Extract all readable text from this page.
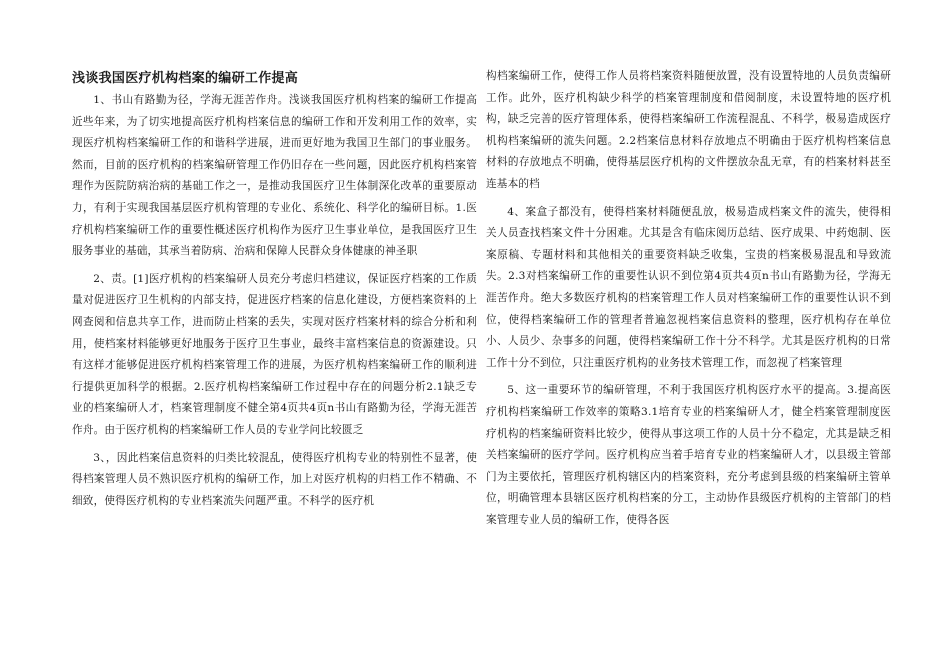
浅谈我国医疗机构档案的编研工作提高

1、书山有路勤为径，学海无涯苦作舟。浅谈我国医疗机构档案的编研工作提高近些年来，为了切实地提高医疗机构档案信息的编研工作和开发利用工作的效率，实现医疗机构档案编研工作的和谐科学进展，进而更好地为我国卫生部门的事业服务。然而，目前的医疗机构的档案编研管理工作仍旧存在一些问题，因此医疗机构档案管理作为医院防病治病的基础工作之一，是推动我国医疗卫生体制深化改革的重要原动力，有利于实现我国基层医疗机构管理的专业化、系统化、科学化的编研目标。1.医疗机构档案编研工作的重要性概述医疗机构作为医疗卫生事业单位，是我国医疗卫生服务事业的基础，其承当着防病、治病和保障人民群众身体健康的神圣职

2、责。[1]医疗机构的档案编研人员充分考虑归档建议，保证医疗档案的工作质量对促进医疗卫生机构的内部支持，促进医疗档案的信息化建设，方便档案资料的上网查阅和信息共享工作，进而防止档案的丢失，实现对医疗档案材料的综合分析和利用，使档案材料能够更好地服务于医疗卫生事业，最终丰富档案信息的资源建设。只有这样才能够促进医疗机构档案管理工作的进展，为医疗机构档案编研工作的顺利进行提供更加科学的根据。2.医疗机构档案编研工作过程中存在的问题分析2.1缺乏专业的档案编研人才，档案管理制度不健全第4页共4页n书山有路勤为径，学海无涯苦作舟。由于医疗机构的档案编研工作人员的专业学问比较匮乏

3、，因此档案信息资料的归类比较混乱，使得医疗机构专业的特别性不显著，使得档案管理人员不熟识医疗机构的编研工作，加上对医疗机构的归档工作不精确、不细致，使得医疗机构的专业档案流失问题严重。不科学的医疗机

构档案编研工作，使得工作人员将档案资料随便放置，没有设置特地的人员负责编研工作。此外，医疗机构缺少科学的档案管理制度和借阅制度，未设置特地的医疗机构，缺乏完善的医疗管理体系，使得档案编研工作流程混乱、不科学，极易造成医疗机构档案编研的流失问题。2.2档案信息材料存放地点不明确由于医疗机构档案信息材料的存放地点不明确，使得基层医疗机构的文件摆放杂乱无章，有的档案材料甚至连基本的档

4、案盒子都没有，使得档案材料随便乱放，极易造成档案文件的流失，使得相关人员查找档案文件十分困难。尤其是含有临床阅历总结、医疗成果、中药炮制、医案原稿、专题材料和其他相关的重要资料缺乏收集，宝贵的档案极易混乱和导致流失。2.3对档案编研工作的重要性认识不到位第4页共4页n书山有路勤为径，学海无涯苦作舟。绝大多数医疗机构的档案管理工作人员对档案编研工作的重要性认识不到位，使得档案编研工作的管理者普遍忽视档案信息资料的整理，医疗机构存在单位小、人员少、杂事多的问题，使得档案编研工作十分不科学。尤其是医疗机构的日常工作十分不到位，只注重医疗机构的业务技术管理工作，而忽视了档案管理

5、这一重要环节的编研管理，不利于我国医疗机构医疗水平的提高。3.提高医疗机构档案编研工作效率的策略3.1培育专业的档案编研人才，健全档案管理制度医疗机构的档案编研资料比较少，使得从事这项工作的人员十分不稳定，尤其是缺乏相关档案编研的医疗学问。医疗机构应当着手培育专业的档案编研人才，以县级主管部门为主要依托，管理医疗机构辖区内的档案资料，充分考虑到县级的档案编研主管单位，明确管理本县辖区医疗机构档案的分工，主动协作县级医疗机构的主管部门的档案管理专业人员的编研工作，使得各医
